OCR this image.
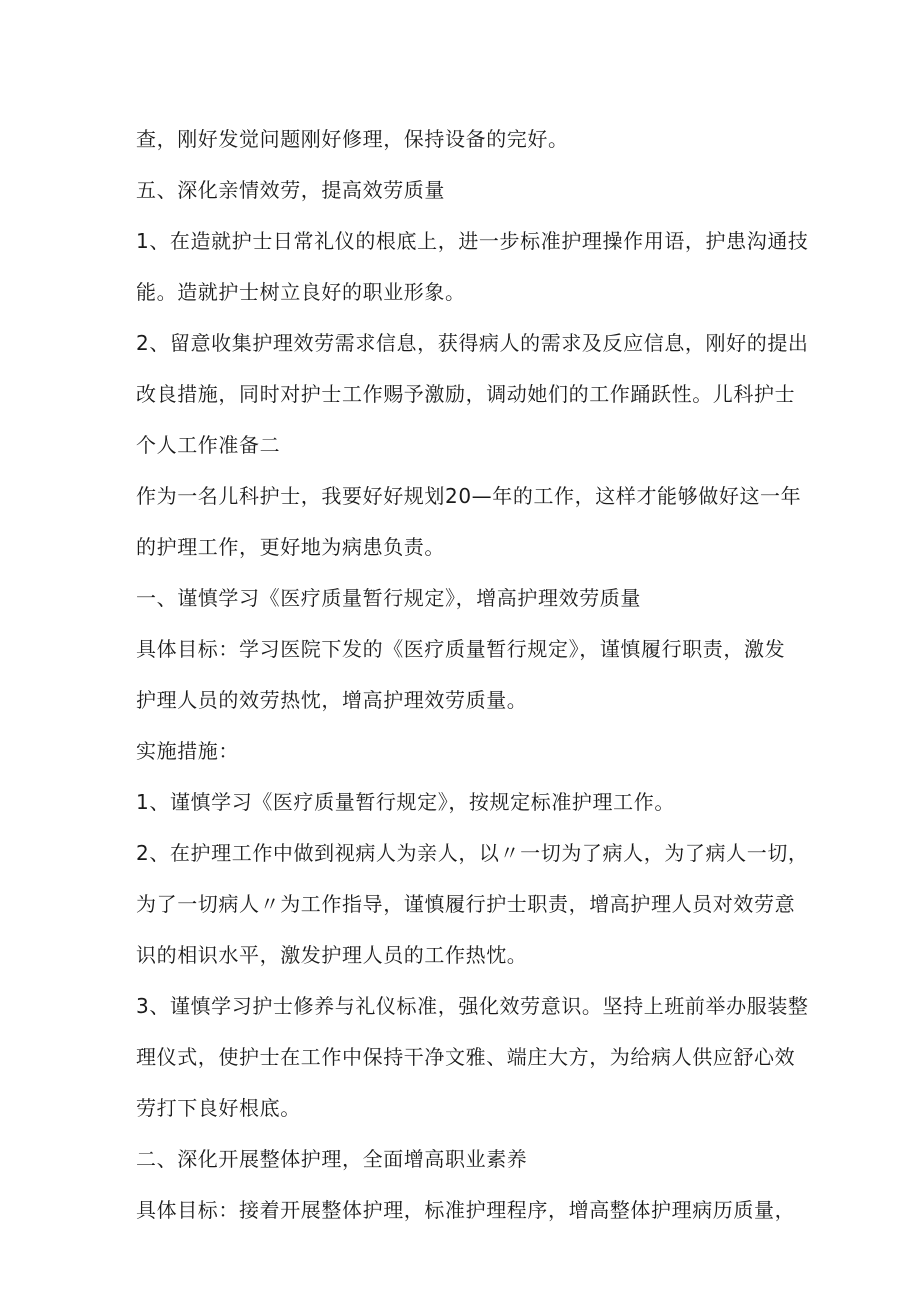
查，刚好发觉问题刚好修理，保持设备的完好。
五、深化亲情效劳，提高效劳质量
1、在造就护士日常礼仪的根底上，进一步标准护理操作用语，护患沟通技
能。造就护士树立良好的职业形象。
2、留意收集护理效劳需求信息，获得病人的需求及反应信息，刚好的提出
改良措施，同时对护士工作赐予激励，调动她们的工作踊跃性。儿科护士
个人工作准备二
作为一名儿科护士，我要好好规划20—年的工作，这样才能够做好这一年
的护理工作，更好地为病患负责。
一、谨慎学习《医疗质量暂行规定》，增高护理效劳质量
具体目标：学习医院下发的《医疗质量暂行规定》，谨慎履行职责，激发
护理人员的效劳热忱，增高护理效劳质量。
实施措施：
1、谨慎学习《医疗质量暂行规定》，按规定标准护理工作。
2、在护理工作中做到视病人为亲人，以〃一切为了病人，为了病人一切，
为了一切病人〃为工作指导，谨慎履行护士职责，增高护理人员对效劳意
识的相识水平，激发护理人员的工作热忱。
3、谨慎学习护士修养与礼仪标准，强化效劳意识。坚持上班前举办服装整
理仪式，使护士在工作中保持干净文雅、端庄大方，为给病人供应舒心效
劳打下良好根底。
二、深化开展整体护理，全面增高职业素养
具体目标：接着开展整体护理，标准护理程序，增高整体护理病历质量，
